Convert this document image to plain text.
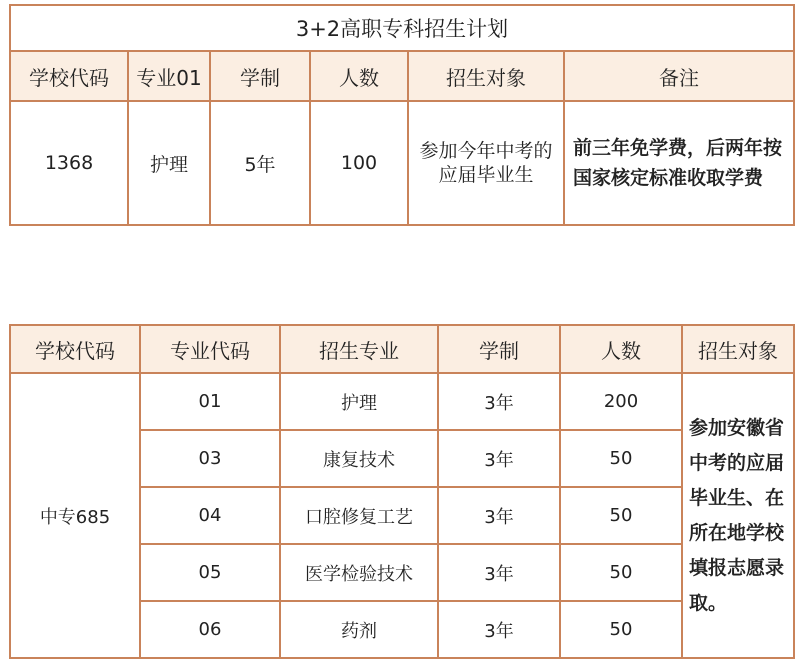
3+2高职专科招生计划					
学校代码	专业01	学制	人数	招生对象	备注
1368	护理	5年	100	参加今年中考的应届毕业生	前三年免学费，后两年按国家核定标准收取学费
学校代码	专业代码	招生专业	学制	人数	招生对象
中专685	01	护理	3年	200	参加安徽省中考的应届毕业生、在所在地学校填报志愿录取。
	03	康复技术	3年	50	
	04	口腔修复工艺	3年	50	
	05	医学检验技术	3年	50	
	06	药剂	3年	50	
